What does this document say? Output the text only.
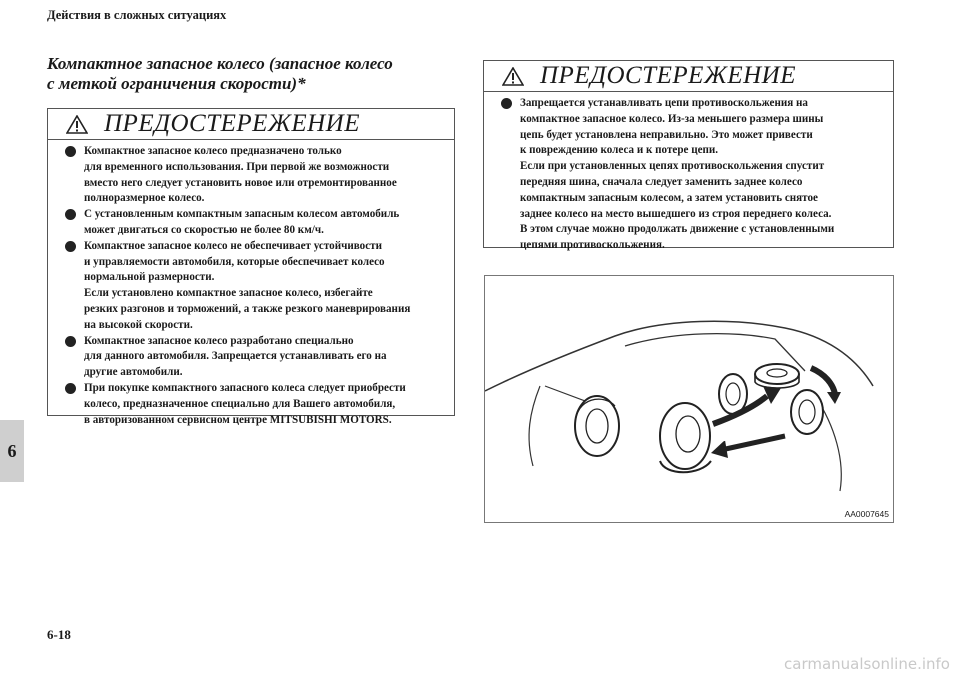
Действия в сложных ситуациях
Компактное запасное колесо (запасное колесо
с меткой ограничения скорости)*
6
ПРЕДОСТЕРЕЖЕНИЕ
Компактное запасное колесо предназначено только
для временного использования. При первой же возможности
вместо него следует установить новое или отремонтированное
полноразмерное колесо.
С установленным компактным запасным колесом автомобиль
может двигаться со скоростью не более 80 км/ч.
Компактное запасное колесо не обеспечивает устойчивости
и управляемости автомобиля, которые обеспечивает колесо
нормальной размерности.
Если установлено компактное запасное колесо, избегайте
резких разгонов и торможений, а также резкого маневрирования
на высокой скорости.
Компактное запасное колесо разработано специально
для данного автомобиля. Запрещается устанавливать его на
другие автомобили.
При покупке компактного запасного колеса следует приобрести
колесо, предназначенное специально для Вашего автомобиля,
в авторизованном сервисном центре MITSUBISHI MOTORS.
ПРЕДОСТЕРЕЖЕНИЕ
Запрещается устанавливать цепи противоскольжения на
компактное запасное колесо. Из-за меньшего размера шины
цепь будет установлена неправильно. Это может привести
к повреждению колеса и к потере цепи.
Если при установленных цепях противоскольжения спустит
передняя шина, сначала следует заменить заднее колесо
компактным запасным колесом, а затем установить снятое
заднее колесо на место вышедшего из строя переднего колеса.
В этом случае можно продолжать движение с установленными
цепями противоскольжения.
AA0007645
6-18
carmanualsonline.info
